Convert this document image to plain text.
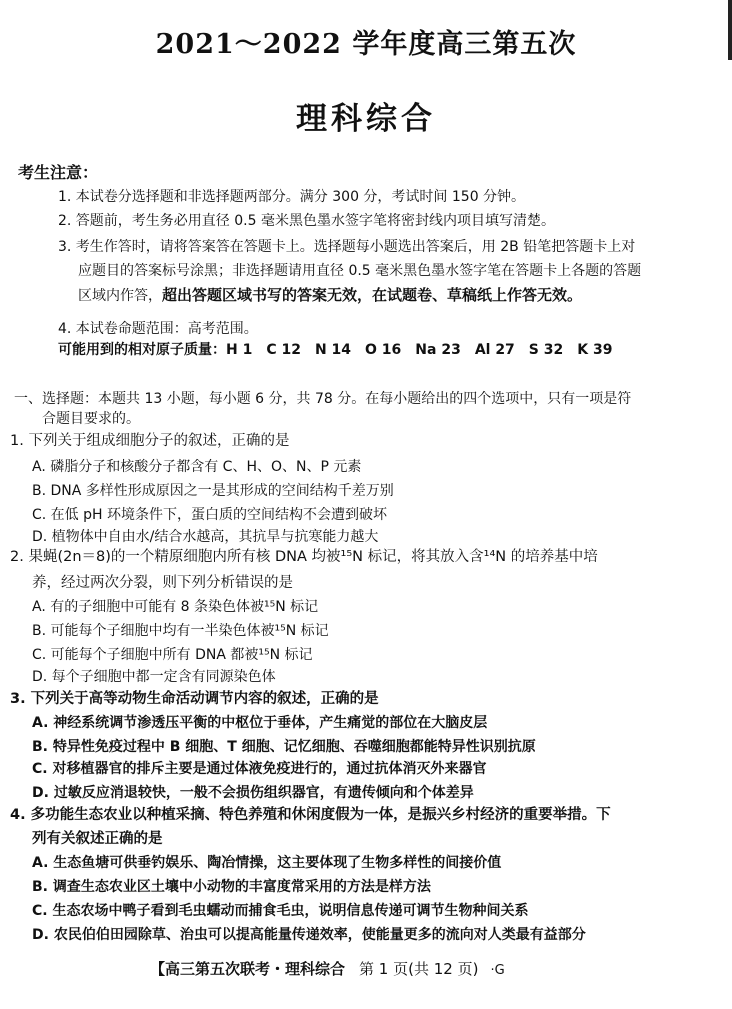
2021～2022 学年度高三第五次
理科综合
考生注意：
1. 本试卷分选择题和非选择题两部分。满分 300 分，考试时间 150 分钟。
2. 答题前，考生务必用直径 0.5 毫米黑色墨水签字笔将密封线内项目填写清楚。
3. 考生作答时，请将答案答在答题卡上。选择题每小题选出答案后，用 2B 铅笔把答题卡上对
应题目的答案标号涂黑；非选择题请用直径 0.5 毫米黑色墨水签字笔在答题卡上各题的答题
区域内作答，超出答题区域书写的答案无效，在试题卷、草稿纸上作答无效。
4. 本试卷命题范围：高考范围。
可能用到的相对原子质量：H 1　C 12　N 14　O 16　Na 23　Al 27　S 32　K 39
一、选择题：本题共 13 小题，每小题 6 分，共 78 分。在每小题给出的四个选项中，只有一项是符
合题目要求的。
1. 下列关于组成细胞分子的叙述，正确的是
A. 磷脂分子和核酸分子都含有 C、H、O、N、P 元素
B. DNA 多样性形成原因之一是其形成的空间结构千差万别
C. 在低 pH 环境条件下，蛋白质的空间结构不会遭到破坏
D. 植物体中自由水/结合水越高，其抗旱与抗寒能力越大
2. 果蝇(2n＝8)的一个精原细胞内所有核 DNA 均被¹⁵N 标记，将其放入含¹⁴N 的培养基中培
养，经过两次分裂，则下列分析错误的是
A. 有的子细胞中可能有 8 条染色体被¹⁵N 标记
B. 可能每个子细胞中均有一半染色体被¹⁵N 标记
C. 可能每个子细胞中所有 DNA 都被¹⁵N 标记
D. 每个子细胞中都一定含有同源染色体
3. 下列关于高等动物生命活动调节内容的叙述，正确的是
A. 神经系统调节渗透压平衡的中枢位于垂体，产生痛觉的部位在大脑皮层
B. 特异性免疫过程中 B 细胞、T 细胞、记忆细胞、吞噬细胞都能特异性识别抗原
C. 对移植器官的排斥主要是通过体液免疫进行的，通过抗体消灭外来器官
D. 过敏反应消退较快，一般不会损伤组织器官，有遗传倾向和个体差异
4. 多功能生态农业以种植采摘、特色养殖和休闲度假为一体，是振兴乡村经济的重要举措。下
列有关叙述正确的是
A. 生态鱼塘可供垂钓娱乐、陶冶情操，这主要体现了生物多样性的间接价值
B. 调查生态农业区土壤中小动物的丰富度常采用的方法是样方法
C. 生态农场中鸭子看到毛虫蠕动而捕食毛虫，说明信息传递可调节生物种间关系
D. 农民伯伯田园除草、治虫可以提高能量传递效率，使能量更多的流向对人类最有益部分
【高三第五次联考・理科综合 第 1 页(共 12 页) ·G
